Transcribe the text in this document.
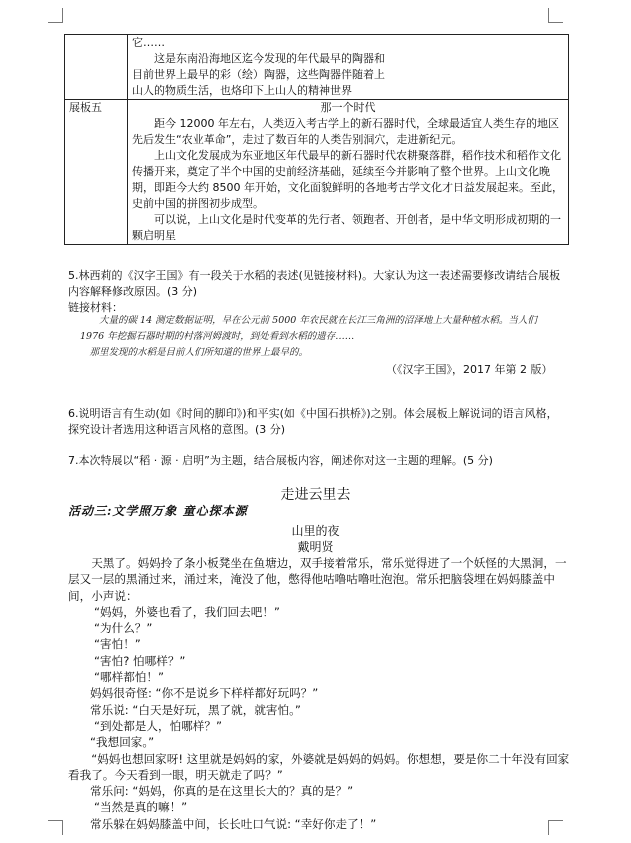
	它……
这是东南沿海地区迄今发现的年代最早的陶器和
目前世界上最早的彩（绘）陶器，这些陶器伴随着上
山人的物质生活，也烙印下上山人的精神世界

展板五	那一个时代
距今 12000 年左右，人类迈入考古学上的新石器时代，全球最适宜人类生存的地区先后发生“农业革命”，走过了数百年的人类告别洞穴，走进新纪元。
上山文化发展成为东亚地区年代最早的新石器时代农耕聚落群，稻作技术和稻作文化传播开来，奠定了半个中国的史前经济基础，延续至今并影响了整个世界。上山文化晚期，即距今大约 8500 年开始，文化面貌鲜明的各地考古学文化才日益发展起来。至此，史前中国的拼图初步成型。
可以说，上山文化是时代变革的先行者、领跑者、开创者，是中华文明形成初期的一颗启明星
5.林西莉的《汉字王国》有一段关于水稻的表述(见链接材料)。大家认为这一表述需要修改请结合展板内容解释修改原因。(3 分)
链接材料：

大量的碳 14 测定数据证明，早在公元前 5000 年农民就在长江三角洲的沼泽地上大量种植水稻。当人们 1976 年挖掘石器时期的村落河姆渡时，到处看到水稻的遗存……

那里发现的水稻是目前人们所知道的世界上最早的。

（《汉字王国》，2017 年第 2 版）
6.说明语言有生动(如《时间的脚印》)和平实(如《中国石拱桥》)之别。体会展板上解说词的语言风格，探究设计者选用这种语言风格的意图。(3 分)
7.本次特展以“稻 · 源 · 启明”为主题，结合展板内容，阐述你对这一主题的理解。(5 分)
走进云里去
活动三:文学照万象 童心探本源
山里的夜
戴明贤

天黑了。妈妈拎了条小板凳坐在鱼塘边，双手接着常乐，常乐觉得进了一个妖怪的大黑洞，一层又一层的黑涌过来，涌过来，淹没了他，憋得他咕噜咕噜吐泡泡。常乐把脑袋埋在妈妈膝盖中间，小声说：

“妈妈，外婆也看了，我们回去吧！”

“为什么？”

“害怕！”

“害怕? 怕哪样？”

“哪样都怕！”

妈妈很奇怪: “你不是说乡下样样都好玩吗？”

常乐说: “白天是好玩，黑了就，就害怕。”

“到处都是人，怕哪样？”

“我想回家。”

“妈妈也想回家呀! 这里就是妈妈的家，外婆就是妈妈的妈妈。你想想，要是你二十年没有回家看我了。今天看到一眼，明天就走了吗？”

常乐问: “妈妈，你真的是在这里长大的？真的是？”

“当然是真的嘛！”

常乐躲在妈妈膝盖中间，长长吐口气说: “幸好你走了！”
